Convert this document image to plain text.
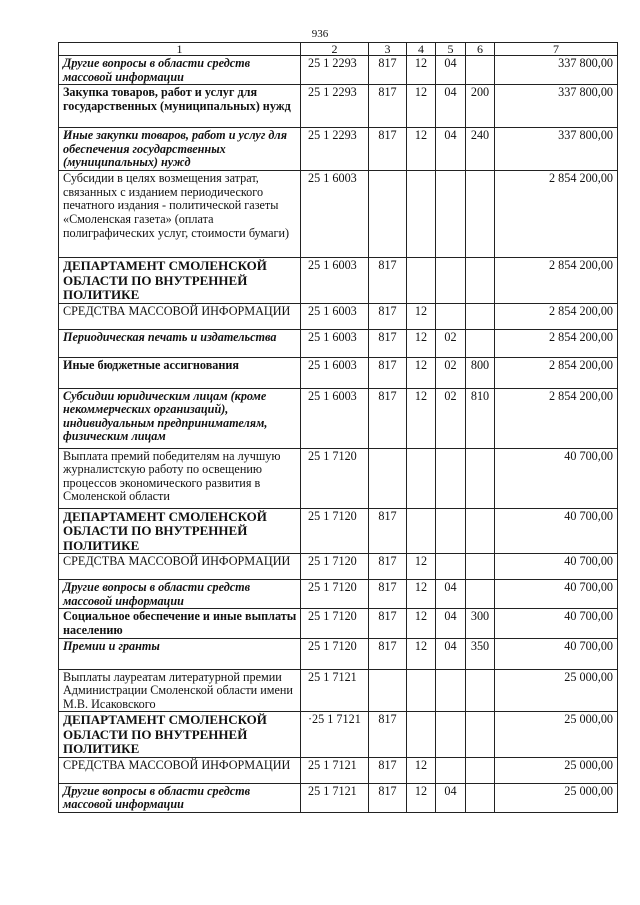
936
1	2	3	4	5	6	7
Другие вопросы в области средств массовой информации	25 1 2293	817	12	04		337 800,00
Закупка товаров, работ и услуг для государственных (муниципальных) нужд	25 1 2293	817	12	04	200	337 800,00
Иные закупки товаров, работ и услуг для обеспечения государственных (муниципальных) нужд	25 1 2293	817	12	04	240	337 800,00
Субсидии в целях возмещения затрат, связанных с изданием периодического печатного издания - политической газеты «Смоленская газета» (оплата полиграфических услуг, стоимости бумаги)	25 1 6003					2 854 200,00
ДЕПАРТАМЕНТ СМОЛЕНСКОЙ ОБЛАСТИ ПО ВНУТРЕННЕЙ ПОЛИТИКЕ	25 1 6003	817				2 854 200,00
СРЕДСТВА МАССОВОЙ ИНФОРМАЦИИ	25 1 6003	817	12			2 854 200,00
Периодическая печать и издательства	25 1 6003	817	12	02		2 854 200,00
Иные бюджетные ассигнования	25 1 6003	817	12	02	800	2 854 200,00
Субсидии юридическим лицам (кроме некоммерческих организаций), индивидуальным предпринимателям, физическим лицам	25 1 6003	817	12	02	810	2 854 200,00
Выплата премий победителям на лучшую журналистскую работу по освещению процессов экономического развития в Смоленской области	25 1 7120					40 700,00
ДЕПАРТАМЕНТ СМОЛЕНСКОЙ ОБЛАСТИ ПО ВНУТРЕННЕЙ ПОЛИТИКЕ	25 1 7120	817				40 700,00
СРЕДСТВА МАССОВОЙ ИНФОРМАЦИИ	25 1 7120	817	12			40 700,00
Другие вопросы в области средств массовой информации	25 1 7120	817	12	04		40 700,00
Социальное обеспечение и иные выплаты населению	25 1 7120	817	12	04	300	40 700,00
Премии и гранты	25 1 7120	817	12	04	350	40 700,00
Выплаты лауреатам литературной премии Администрации Смоленской области имени М.В. Исаковского	25 1 7121					25 000,00
ДЕПАРТАМЕНТ СМОЛЕНСКОЙ ОБЛАСТИ ПО ВНУТРЕННЕЙ ПОЛИТИКЕ	·25 1 7121	817				25 000,00
СРЕДСТВА МАССОВОЙ ИНФОРМАЦИИ	25 1 7121	817	12			25 000,00
Другие вопросы в области средств массовой информации	25 1 7121	817	12	04		25 000,00
